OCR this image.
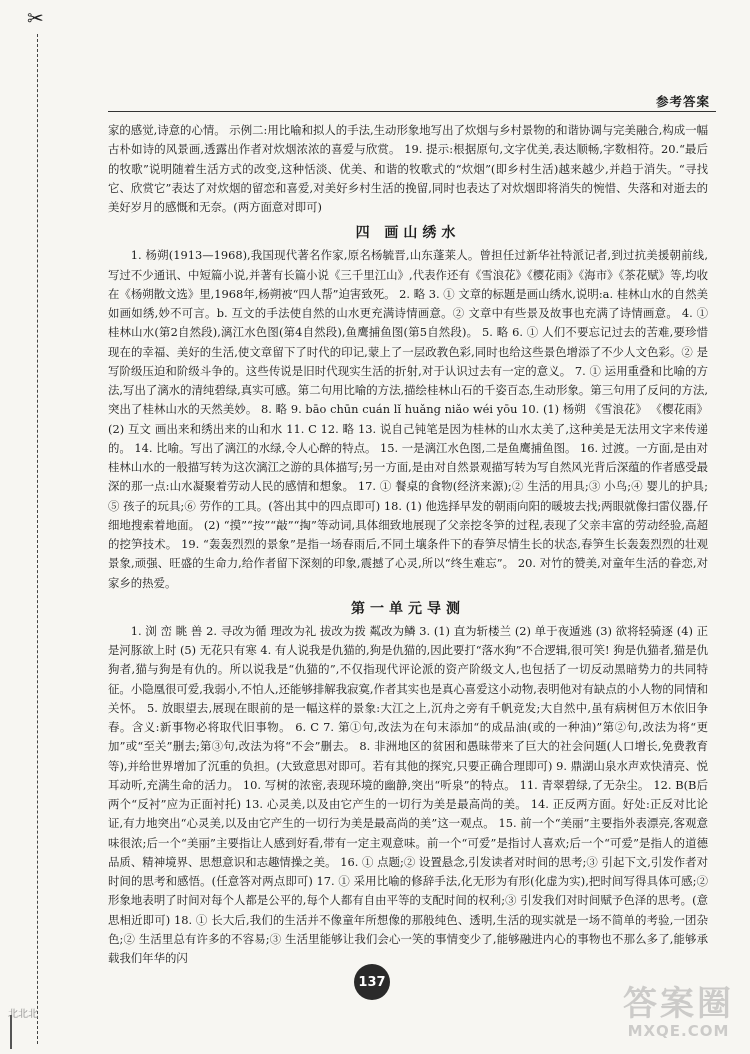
✂
参考答案

家的感觉,诗意的心情。 示例二:用比喻和拟人的手法,生动形象地写出了炊烟与乡村景物的和谐协调与完美融合,构成一幅古朴如诗的风景画,透露出作者对炊烟浓浓的喜爱与欣赏。 19. 提示:根据原句,文字优美,表达顺畅,字数相符。20.“最后的牧歌”说明随着生活方式的改变,这种恬淡、优美、和谐的牧歌式的“炊烟”(即乡村生活)越来越少,并趋于消失。“寻找它、欣赏它”表达了对炊烟的留恋和喜爱,对美好乡村生活的挽留,同时也表达了对炊烟即将消失的惋惜、失落和对逝去的美好岁月的感慨和无奈。(两方面意对即可)

四 画山绣水

1. 杨朔(1913—1968),我国现代著名作家,原名杨毓晋,山东蓬莱人。曾担任过新华社特派记者,到过抗美援朝前线,写过不少通讯、中短篇小说,并著有长篇小说《三千里江山》,代表作还有《雪浪花》《樱花雨》《海市》《茶花赋》等,均收在《杨朔散文选》里,1968年,杨朔被“四人帮”迫害致死。 2. 略 3. ① 文章的标题是画山绣水,说明:a. 桂林山水的自然美如画如绣,妙不可言。b. 互文的手法使自然的山水更充满诗情画意。② 文章中有些景及故事也充满了诗情画意。 4. ① 桂林山水(第2自然段),漓江水色图(第4自然段),鱼鹰捕鱼图(第5自然段)。 5. 略 6. ① 人们不要忘记过去的苦难,要珍惜现在的幸福、美好的生活,使文章留下了时代的印记,蒙上了一层政教色彩,同时也给这些景色增添了不少人文色彩。② 是写阶级压迫和阶级斗争的。这些传说是旧时代现实生活的折射,对于认识过去有一定的意义。 7. ① 运用重叠和比喻的方法,写出了漓水的清纯碧绿,真实可感。第二句用比喻的方法,描绘桂林山石的千姿百态,生动形象。第三句用了反问的方法,突出了桂林山水的天然美妙。 8. 略 9. bāo chūn cuán lǐ huǎng niǎo wéi yōu 10. (1) 杨朔 《雪浪花》 《樱花雨》 (2) 互文 画出来和绣出来的山和水 11. C 12. 略 13. 说自己钝笔是因为桂林的山水太美了,这种美是无法用文字来传递的。 14. 比喻。写出了漓江的水绿,令人心醉的特点。 15. 一是漓江水色图,二是鱼鹰捕鱼图。 16. 过渡。一方面,是由对桂林山水的一般描写转为这次漓江之游的具体描写;另一方面,是由对自然景观描写转为写自然风光背后深蕴的作者感受最深的那一点:山水凝聚着劳动人民的感情和想象。 17. ① 餐桌的食物(经济来源);② 生活的用具;③ 小鸟;④ 婴儿的护具;⑤ 孩子的玩具;⑥ 劳作的工具。(答出其中的四点即可) 18. (1) 他选择早发的朝雨向阳的暖坡去找;两眼就像扫雷仪器,仔细地搜索着地面。 (2) “摸”“按”“敲”“掏”等动词,具体细致地展现了父亲挖冬笋的过程,表现了父亲丰富的劳动经验,高超的挖笋技术。 19. “轰轰烈烈的景象”是指一场春雨后,不同土壤条件下的春笋尽情生长的状态,春笋生长轰轰烈烈的壮观景象,顽强、旺盛的生命力,给作者留下深刻的印象,震撼了心灵,所以“终生难忘”。 20. 对竹的赞美,对童年生活的眷恋,对家乡的热爱。

第一单元导测

1. 浏 峦 眺 兽 2. 寻改为循 理改为礼 拔改为拨 粼改为鳞 3. (1) 直为斩楼兰 (2) 单于夜遁逃 (3) 欲将轻骑逐 (4) 正是河豚欲上时 (5) 无花只有寒 4. 有人说我是仇猫的,狗是仇猫的,因此要打“落水狗”不合逻辑,很可笑! 狗是仇猫者,猫是仇狗者,猫与狗是有仇的。所以说我是“仇猫的”,不仅指现代评论派的资产阶级文人,也包括了一切反动黑暗势力的共同特征。小隐凰很可爱,我弱小,不怕人,还能够排解我寂寞,作者其实也是真心喜爱这小动物,表明他对有缺点的小人物的同情和关怀。 5. 放眼望去,展现在眼前的是一幅这样的景象:大江之上,沉舟之旁有千帆竞发;大自然中,虽有病树但万木依旧争春。含义:新事物必将取代旧事物。 6. C 7. 第①句,改法为在句末添加“的成品油(或的一种油)”第②句,改法为将“更加”或“至关”删去;第③句,改法为将“不会”删去。 8. 非洲地区的贫困和愚昧带来了巨大的社会问题(人口增长,免费教育等),并给世界增加了沉重的负担。(大致意思对即可。若有其他的探究,只要正确合理即可) 9. 鼎湖山泉水声欢快清亮、悦耳动听,充满生命的活力。 10. 写树的浓密,表现环境的幽静,突出“听泉”的特点。 11. 青翠碧绿,了无杂尘。 12. B(B后两个“反衬”应为正面衬托) 13. 心灵美,以及由它产生的一切行为美是最高尚的美。 14. 正反两方面。好处:正反对比论证,有力地突出“心灵美,以及由它产生的一切行为美是最高尚的美”这一观点。 15. 前一个“美丽”主要指外表漂亮,客观意味很浓;后一个“美丽”主要指让人感到好看,带有一定主观意味。前一个“可爱”是指讨人喜欢;后一个“可爱”是指人的道德品质、精神境界、思想意识和志趣情操之美。 16. ① 点题;② 设置悬念,引发读者对时间的思考;③ 引起下文,引发作者对时间的思考和感悟。(任意答对两点即可) 17. ① 采用比喻的修辞手法,化无形为有形(化虚为实),把时间写得具体可感;② 形象地表明了时间对每个人都是公平的,每个人都有自由平等的支配时间的权利;③ 引发我们对时间赋予色泽的思考。(意思相近即可) 18. ① 长大后,我们的生活并不像童年所想像的那般纯色、透明,生活的现实就是一场不简单的考验,一团杂色;② 生活里总有许多的不容易;③ 生活里能够让我们会心一笑的事情变少了,能够融进内心的事物也不那么多了,能够承载我们年华的闪

137
答案圈
MXQE.COM
北北北
